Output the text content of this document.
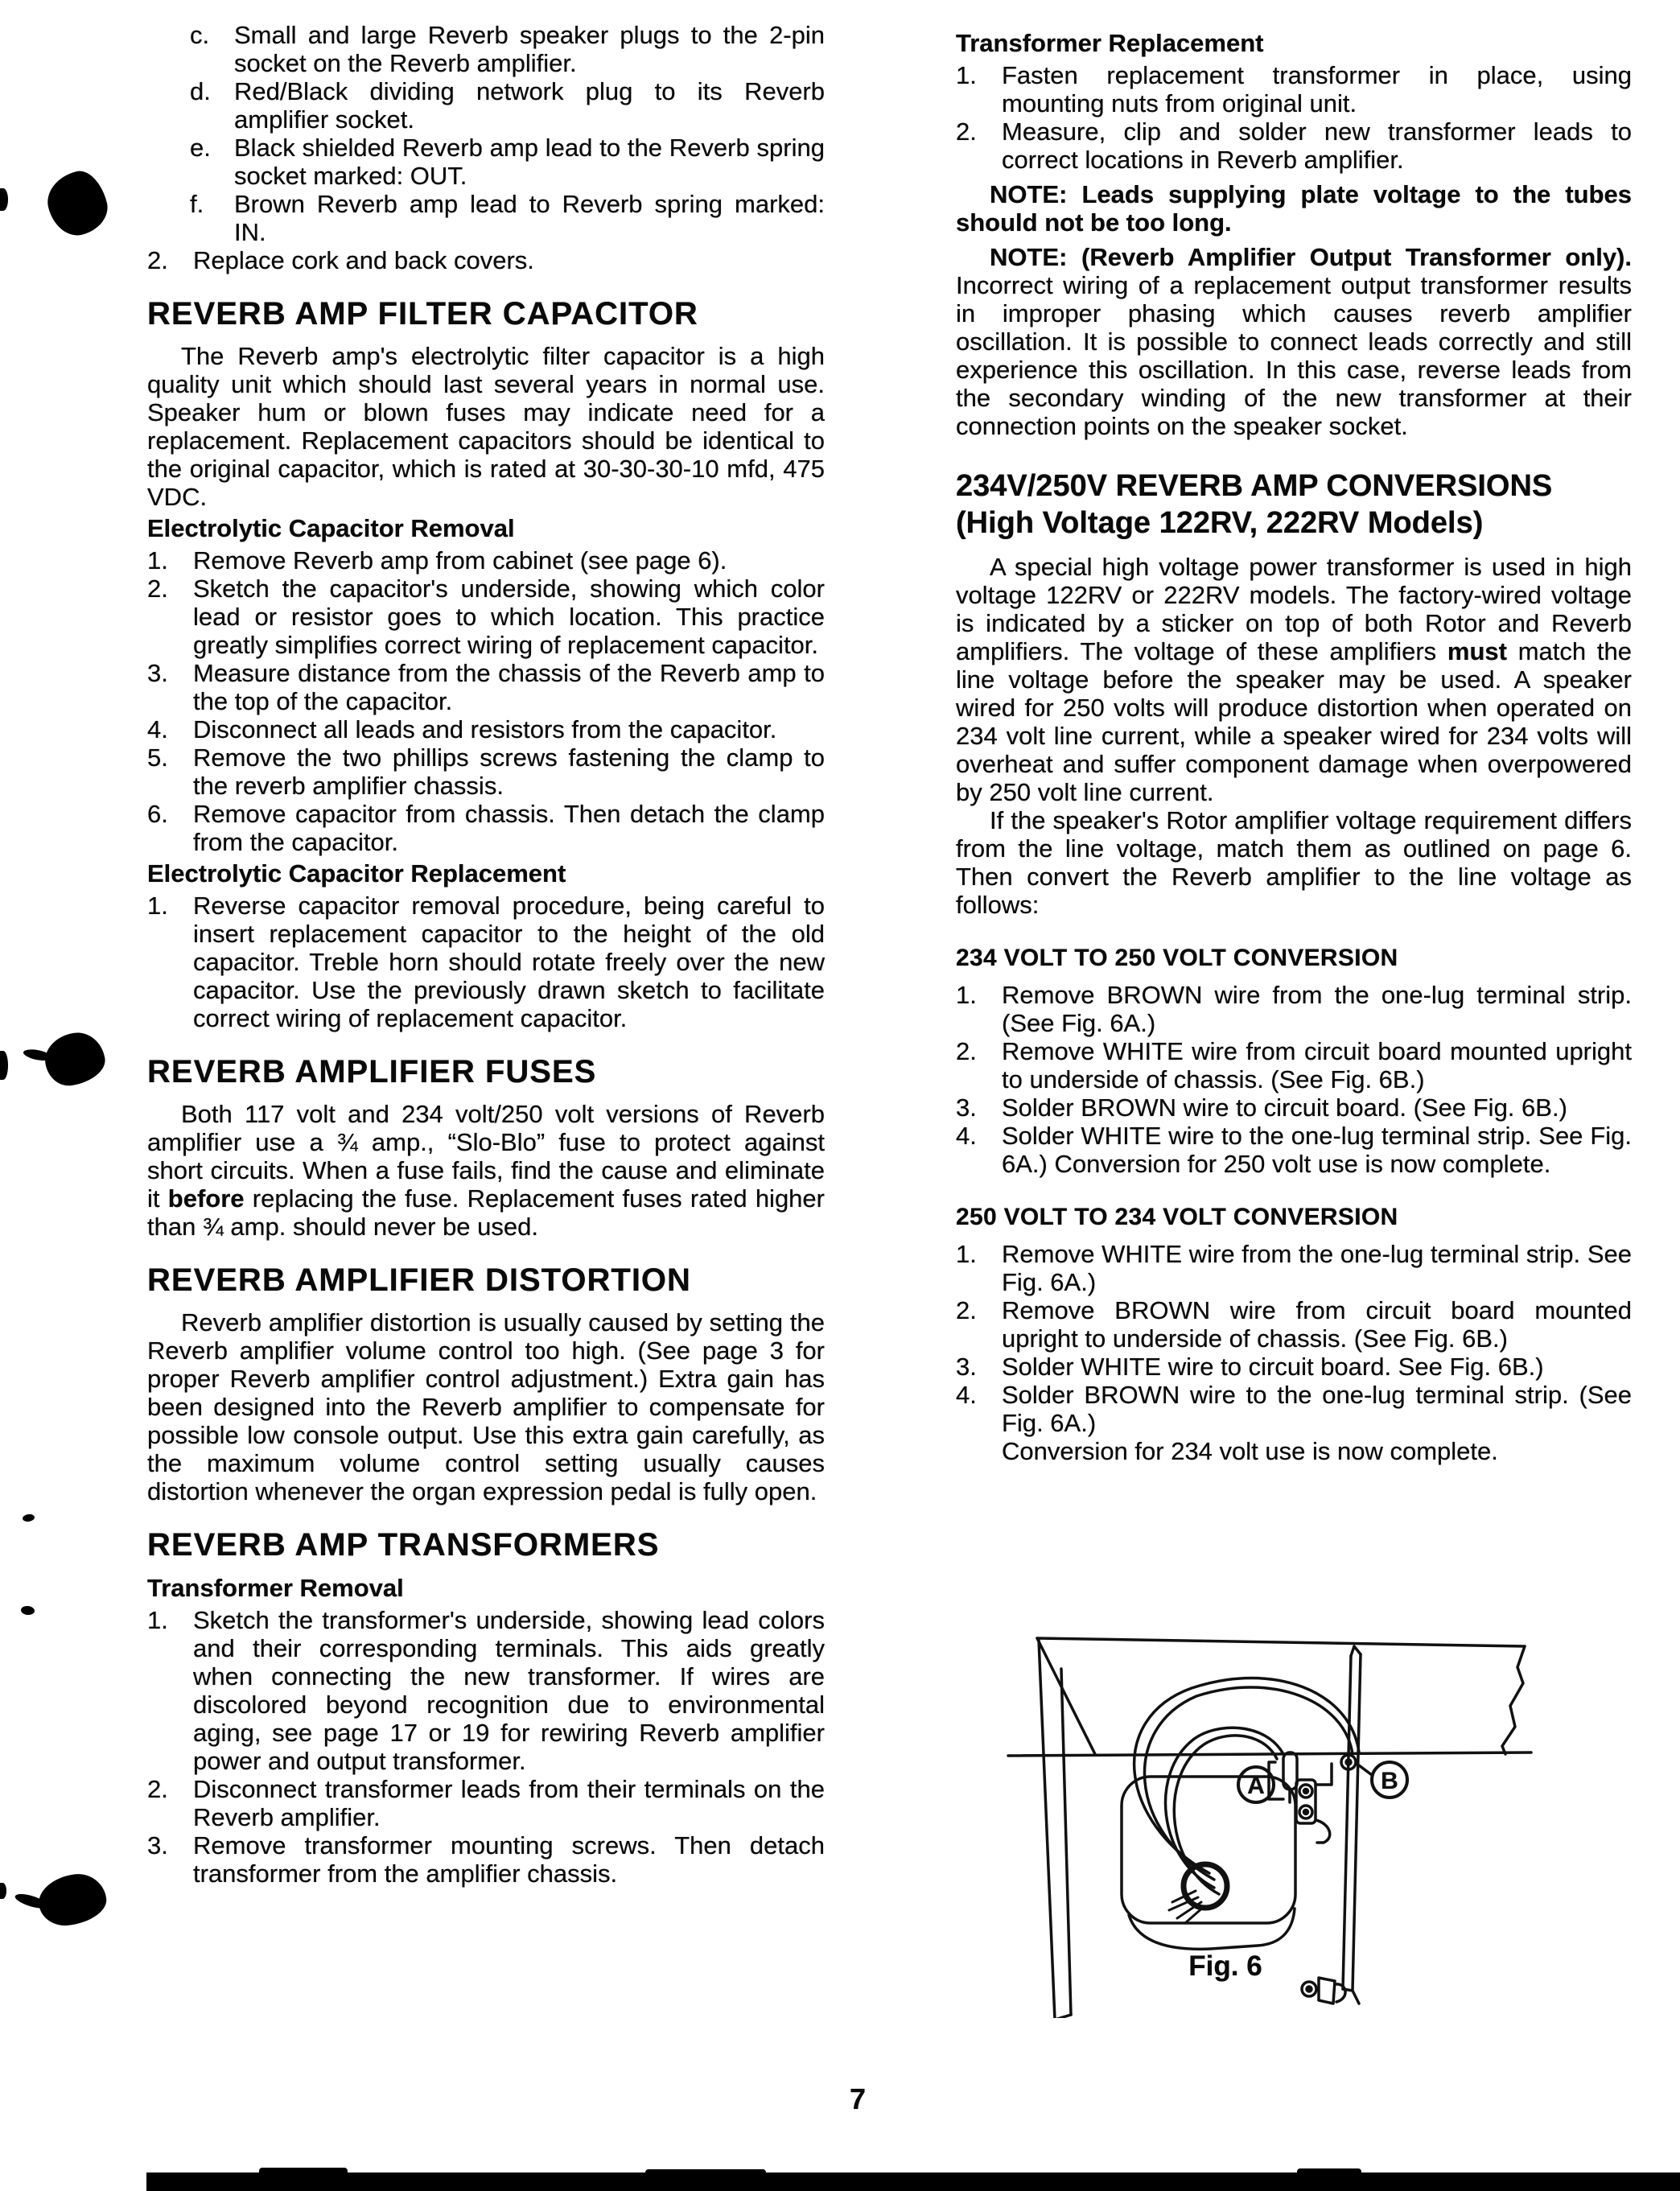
c. Small and large Reverb speaker plugs to the 2-pin socket on the Reverb amplifier.
d. Red/Black dividing network plug to its Reverb amplifier socket.
e. Black shielded Reverb amp lead to the Reverb spring socket marked: OUT.
f. Brown Reverb amp lead to Reverb spring marked: IN.
2. Replace cork and back covers.
REVERB AMP FILTER CAPACITOR

The Reverb amp's electrolytic filter capacitor is a high quality unit which should last several years in normal use. Speaker hum or blown fuses may indicate need for a replacement. Replacement capacitors should be identical to the original capacitor, which is rated at 30-30-30-10 mfd, 475 VDC.

Electrolytic Capacitor Removal
1. Remove Reverb amp from cabinet (see page 6).
2. Sketch the capacitor's underside, showing which color lead or resistor goes to which location. This practice greatly simplifies correct wiring of replacement capacitor.
3. Measure distance from the chassis of the Reverb amp to the top of the capacitor.
4. Disconnect all leads and resistors from the capacitor.
5. Remove the two phillips screws fastening the clamp to the reverb amplifier chassis.
6. Remove capacitor from chassis. Then detach the clamp from the capacitor.
Electrolytic Capacitor Replacement
1. Reverse capacitor removal procedure, being careful to insert replacement capacitor to the height of the old capacitor. Treble horn should rotate freely over the new capacitor. Use the previously drawn sketch to facilitate correct wiring of replacement capacitor.
REVERB AMPLIFIER FUSES

Both 117 volt and 234 volt/250 volt versions of Reverb amplifier use a ¾ amp., “Slo-Blo” fuse to protect against short circuits. When a fuse fails, find the cause and eliminate it before replacing the fuse. Replacement fuses rated higher than ¾ amp. should never be used.

REVERB AMPLIFIER DISTORTION

Reverb amplifier distortion is usually caused by setting the Reverb amplifier volume control too high. (See page 3 for proper Reverb amplifier control adjustment.) Extra gain has been designed into the Reverb amplifier to compensate for possible low console output. Use this extra gain carefully, as the maximum volume control setting usually causes distortion whenever the organ expression pedal is fully open.

REVERB AMP TRANSFORMERS
Transformer Removal
1. Sketch the transformer's underside, showing lead colors and their corresponding terminals. This aids greatly when connecting the new transformer. If wires are discolored beyond recognition due to environmental aging, see page 17 or 19 for rewiring Reverb amplifier power and output transformer.
2. Disconnect transformer leads from their terminals on the Reverb amplifier.
3. Remove transformer mounting screws. Then detach transformer from the amplifier chassis.
Transformer Replacement
1. Fasten replacement transformer in place, using mounting nuts from original unit.
2. Measure, clip and solder new transformer leads to correct locations in Reverb amplifier.

NOTE: Leads supplying plate voltage to the tubes should not be too long.

NOTE: (Reverb Amplifier Output Transformer only). Incorrect wiring of a replacement output transformer results in improper phasing which causes reverb amplifier oscillation. It is possible to connect leads correctly and still experience this oscillation. In this case, reverse leads from the secondary winding of the new transformer at their connection points on the speaker socket.

234V/250V REVERB AMP CONVERSIONS
(High Voltage 122RV, 222RV Models)

A special high voltage power transformer is used in high voltage 122RV or 222RV models. The factory-wired voltage is indicated by a sticker on top of both Rotor and Reverb amplifiers. The voltage of these amplifiers must match the line voltage before the speaker may be used. A speaker wired for 250 volts will produce distortion when operated on 234 volt line current, while a speaker wired for 234 volts will overheat and suffer component damage when overpowered by 250 volt line current.

If the speaker's Rotor amplifier voltage requirement differs from the line voltage, match them as outlined on page 6. Then convert the Reverb amplifier to the line voltage as follows:

234 VOLT TO 250 VOLT CONVERSION
1. Remove BROWN wire from the one-lug terminal strip. (See Fig. 6A.)
2. Remove WHITE wire from circuit board mounted upright to underside of chassis. (See Fig. 6B.)
3. Solder BROWN wire to circuit board. (See Fig. 6B.)
4. Solder WHITE wire to the one-lug terminal strip. See Fig. 6A.) Conversion for 250 volt use is now complete.
250 VOLT TO 234 VOLT CONVERSION
1. Remove WHITE wire from the one-lug terminal strip. See Fig. 6A.)
2. Remove BROWN wire from circuit board mounted upright to underside of chassis. (See Fig. 6B.)
3. Solder WHITE wire to circuit board. See Fig. 6B.)
4. Solder BROWN wire to the one-lug terminal strip. (See Fig. 6A.)
Conversion for 234 volt use is now complete.
A	B
Fig. 6
7
